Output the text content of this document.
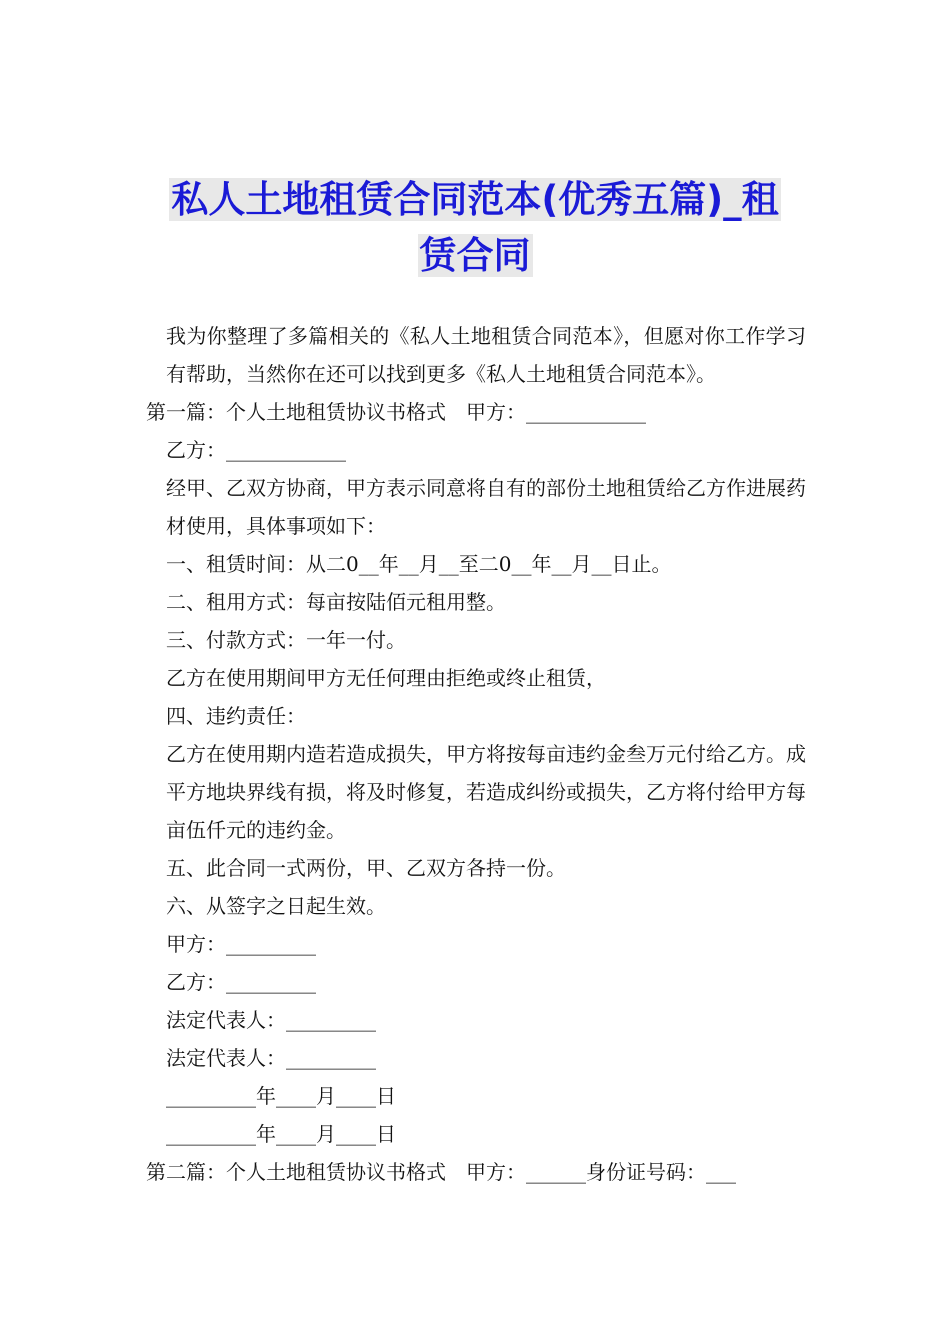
私人土地租赁合同范本(优秀五篇)_租
赁合同

我为你整理了多篇相关的《私人土地租赁合同范本》，但愿对你工作学习有帮助，当然你在还可以找到更多《私人土地租赁合同范本》。

第一篇：个人土地租赁协议书格式　甲方：____________

乙方：____________

经甲、乙双方协商，甲方表示同意将自有的部份土地租赁给乙方作进展药材使用，具体事项如下：

一、租赁时间：从二0__年__月__至二0__年__月__日止。

二、租用方式：每亩按陆佰元租用整。

三、付款方式：一年一付。

乙方在使用期间甲方无任何理由拒绝或终止租赁，

四、违约责任：

乙方在使用期内造若造成损失，甲方将按每亩违约金叁万元付给乙方。成平方地块界线有损，将及时修复，若造成纠纷或损失，乙方将付给甲方每亩伍仟元的违约金。

五、此合同一式两份，甲、乙双方各持一份。

六、从签字之日起生效。

甲方：_________

乙方：_________

法定代表人：_________

法定代表人：_________

_________年____月____日

_________年____月____日

第二篇：个人土地租赁协议书格式　甲方：______身份证号码：___
